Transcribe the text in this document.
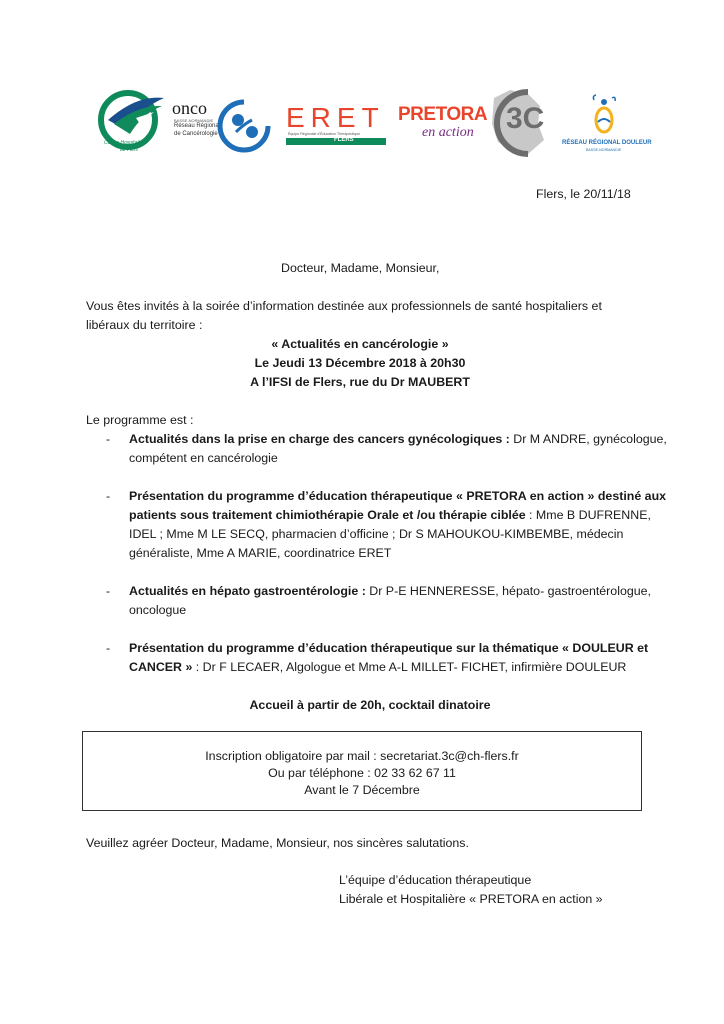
Centre Hospitalier
de Flers
onco
BASSE-NORMANDIE
Réseau Régional
de Cancérologie
ERET
Équipe Régionale d'Éducation Thérapeutique
FLERS
PRETORA
en action 3C
RÉSEAU RÉGIONAL DOULEUR
BASSE-NORMANDIE
Flers, le 20/11/18
Docteur, Madame, Monsieur,
Vous êtes invités à la soirée d’information destinée aux professionnels de santé hospitaliers et
libéraux du territoire :
« Actualités en cancérologie »
Le Jeudi 13 Décembre 2018 à 20h30
A l’IFSI de Flers, rue du Dr MAUBERT
Le programme est :
- Actualités dans la prise en charge des cancers gynécologiques : Dr M ANDRE, gynécologue,
compétent en cancérologie
- Présentation du programme d’éducation thérapeutique « PRETORA en action » destiné aux
patients sous traitement chimiothérapie Orale et /ou thérapie ciblée : Mme B DUFRENNE,
IDEL ; Mme M LE SECQ, pharmacien d’officine ; Dr S MAHOUKOU-KIMBEMBE, médecin
généraliste, Mme A MARIE, coordinatrice ERET
- Actualités en hépato gastroentérologie : Dr P-E HENNERESSE, hépato- gastroentérologue,
oncologue
- Présentation du programme d’éducation thérapeutique sur la thématique « DOULEUR et
CANCER » : Dr F LECAER, Algologue et Mme A-L MILLET- FICHET, infirmière DOULEUR
Accueil à partir de 20h, cocktail dinatoire
Inscription obligatoire par mail : secretariat.3c@ch-flers.fr
Ou par téléphone : 02 33 62 67 11
Avant le 7 Décembre
Veuillez agréer Docteur, Madame, Monsieur, nos sincères salutations.
L’équipe d’éducation thérapeutique
Libérale et Hospitalière « PRETORA en action »
